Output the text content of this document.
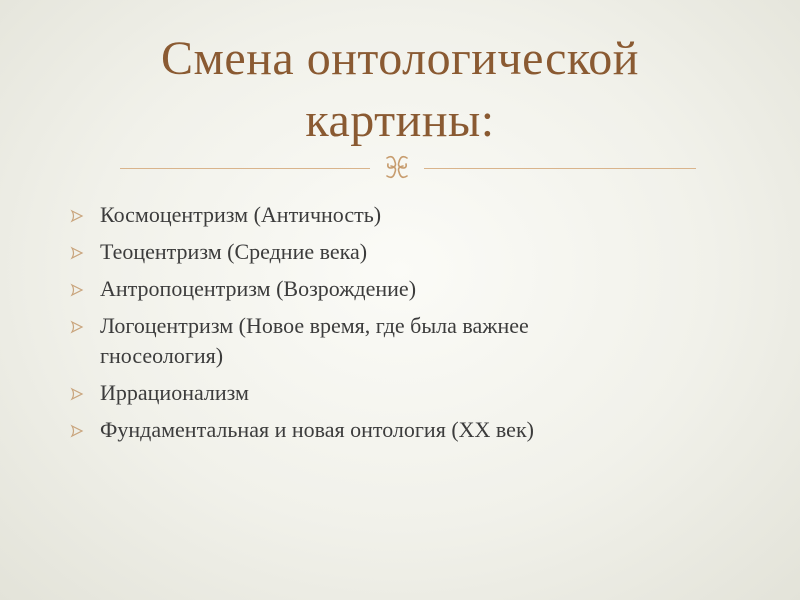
Смена онтологической
картины:
Космоцентризм (Античность)
Теоцентризм (Средние века)
Антропоцентризм (Возрождение)
Логоцентризм (Новое время, где была важнее
гносеология)
Иррационализм
Фундаментальная и новая онтология (XX век)
